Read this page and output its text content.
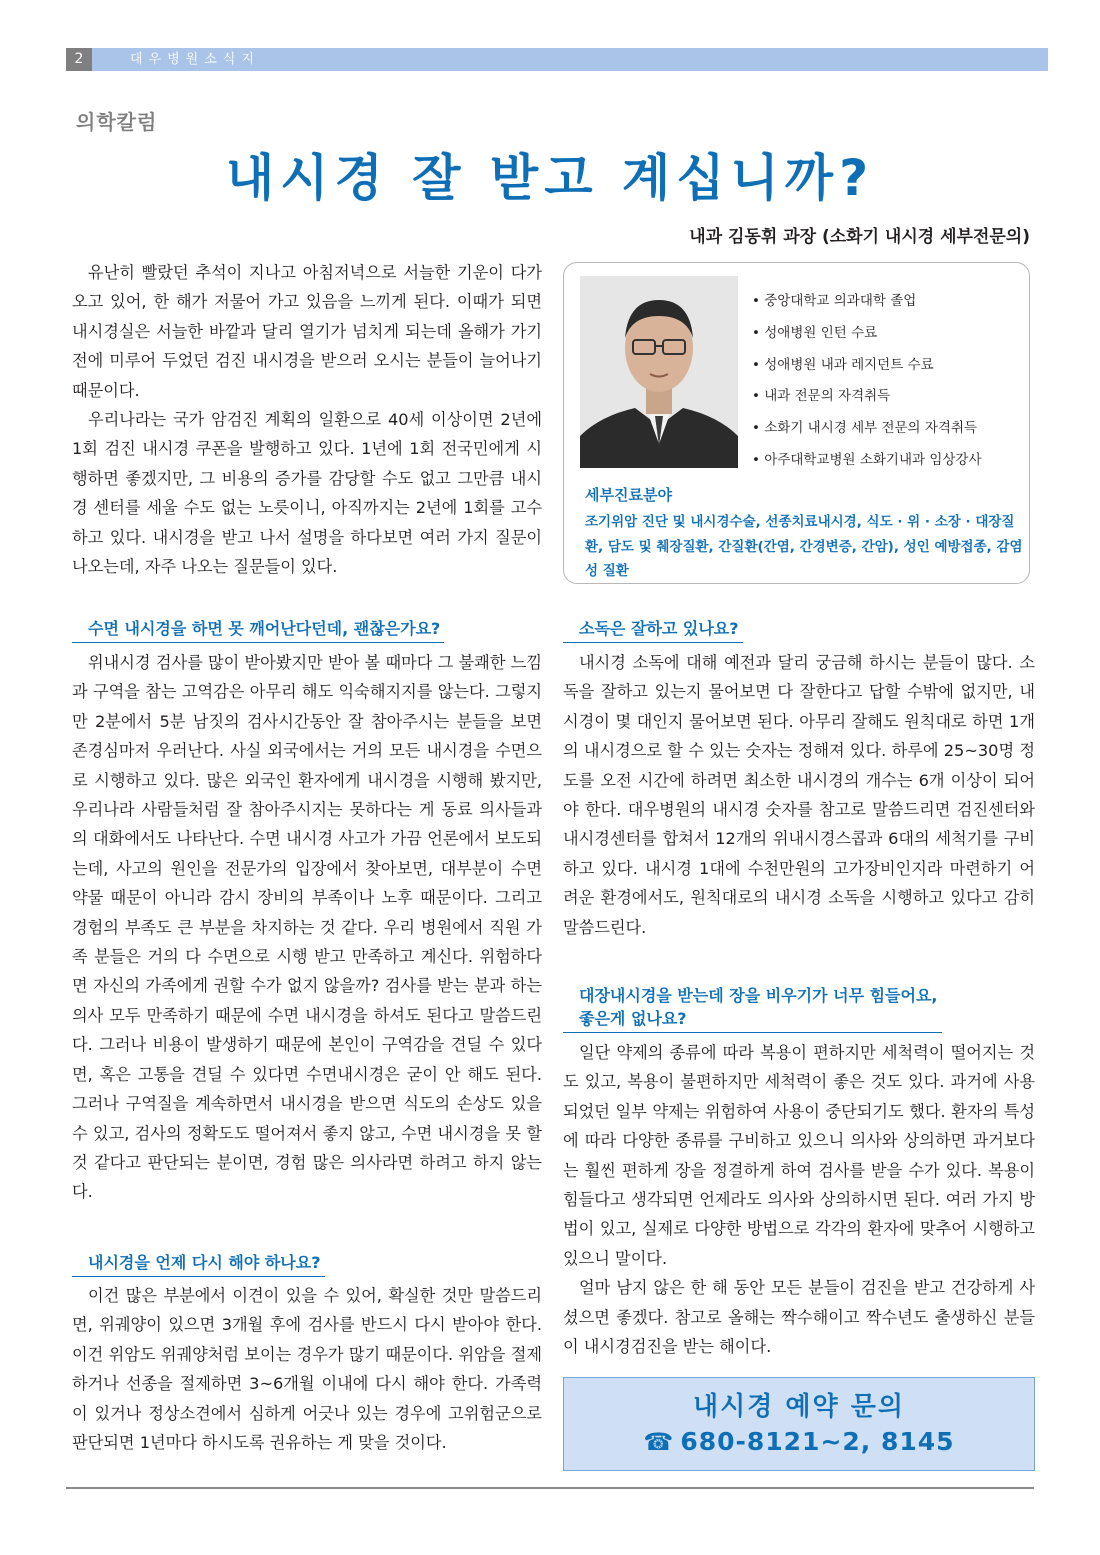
2	대우병원소식지
의학칼럼
내시경 잘 받고 계십니까?
내과 김동휘 과장 (소화기 내시경 세부전문의)

유난히 빨랐던 추석이 지나고 아침저녁으로 서늘한 기운이 다가오고 있어, 한 해가 저물어 가고 있음을 느끼게 된다. 이때가 되면 내시경실은 서늘한 바깥과 달리 열기가 넘치게 되는데 올해가 가기 전에 미루어 두었던 검진 내시경을 받으러 오시는 분들이 늘어나기 때문이다.

우리나라는 국가 암검진 계획의 일환으로 40세 이상이면 2년에 1회 검진 내시경 쿠폰을 발행하고 있다. 1년에 1회 전국민에게 시행하면 좋겠지만, 그 비용의 증가를 감당할 수도 없고 그만큼 내시경 센터를 세울 수도 없는 노릇이니, 아직까지는 2년에 1회를 고수하고 있다. 내시경을 받고 나서 설명을 하다보면 여러 가지 질문이 나오는데, 자주 나오는 질문들이 있다.

• 중앙대학교 의과대학 졸업
• 성애병원 인턴 수료
• 성애병원 내과 레지던트 수료
• 내과 전문의 자격취득
• 소화기 내시경 세부 전문의 자격취득
• 아주대학교병원 소화기내과 임상강사
세부진료분야
조기위암 진단 및 내시경수술, 선종치료내시경, 식도 · 위 · 소장 · 대장질환, 담도 및 췌장질환, 간질환(간염, 간경변증, 간암), 성인 예방접종, 감염성 질환
수면 내시경을 하면 못 깨어난다던데, 괜찮은가요?

위내시경 검사를 많이 받아봤지만 받아 볼 때마다 그 불쾌한 느낌과 구역을 참는 고역감은 아무리 해도 익숙해지지를 않는다. 그렇지만 2분에서 5분 남짓의 검사시간동안 잘 참아주시는 분들을 보면 존경심마저 우러난다. 사실 외국에서는 거의 모든 내시경을 수면으로 시행하고 있다. 많은 외국인 환자에게 내시경을 시행해 봤지만, 우리나라 사람들처럼 잘 참아주시지는 못하다는 게 동료 의사들과의 대화에서도 나타난다. 수면 내시경 사고가 가끔 언론에서 보도되는데, 사고의 원인을 전문가의 입장에서 찾아보면, 대부분이 수면 약물 때문이 아니라 감시 장비의 부족이나 노후 때문이다. 그리고 경험의 부족도 큰 부분을 차지하는 것 같다. 우리 병원에서 직원 가족 분들은 거의 다 수면으로 시행 받고 만족하고 계신다. 위험하다면 자신의 가족에게 권할 수가 없지 않을까? 검사를 받는 분과 하는 의사 모두 만족하기 때문에 수면 내시경을 하셔도 된다고 말씀드린다. 그러나 비용이 발생하기 때문에 본인이 구역감을 견딜 수 있다면, 혹은 고통을 견딜 수 있다면 수면내시경은 굳이 안 해도 된다. 그러나 구역질을 계속하면서 내시경을 받으면 식도의 손상도 있을 수 있고, 검사의 정확도도 떨어져서 좋지 않고, 수면 내시경을 못 할 것 같다고 판단되는 분이면, 경험 많은 의사라면 하려고 하지 않는다.

내시경을 언제 다시 해야 하나요?

이건 많은 부분에서 이견이 있을 수 있어, 확실한 것만 말씀드리면, 위궤양이 있으면 3개월 후에 검사를 반드시 다시 받아야 한다. 이건 위암도 위궤양처럼 보이는 경우가 많기 때문이다. 위암을 절제하거나 선종을 절제하면 3~6개월 이내에 다시 해야 한다. 가족력이 있거나 정상소견에서 심하게 어긋나 있는 경우에 고위험군으로 판단되면 1년마다 하시도록 권유하는 게 맞을 것이다.

소독은 잘하고 있나요?

내시경 소독에 대해 예전과 달리 궁금해 하시는 분들이 많다. 소독을 잘하고 있는지 물어보면 다 잘한다고 답할 수밖에 없지만, 내시경이 몇 대인지 물어보면 된다. 아무리 잘해도 원칙대로 하면 1개의 내시경으로 할 수 있는 숫자는 정해져 있다. 하루에 25~30명 정도를 오전 시간에 하려면 최소한 내시경의 개수는 6개 이상이 되어야 한다. 대우병원의 내시경 숫자를 참고로 말씀드리면 검진센터와 내시경센터를 합쳐서 12개의 위내시경스콥과 6대의 세척기를 구비하고 있다. 내시경 1대에 수천만원의 고가장비인지라 마련하기 어려운 환경에서도, 원칙대로의 내시경 소독을 시행하고 있다고 감히 말씀드린다.

대장내시경을 받는데 장을 비우기가 너무 힘들어요,
좋은게 없나요?

일단 약제의 종류에 따라 복용이 편하지만 세척력이 떨어지는 것도 있고, 복용이 불편하지만 세척력이 좋은 것도 있다. 과거에 사용되었던 일부 약제는 위험하여 사용이 중단되기도 했다. 환자의 특성에 따라 다양한 종류를 구비하고 있으니 의사와 상의하면 과거보다는 훨씬 편하게 장을 정결하게 하여 검사를 받을 수가 있다. 복용이 힘들다고 생각되면 언제라도 의사와 상의하시면 된다. 여러 가지 방법이 있고, 실제로 다양한 방법으로 각각의 환자에 맞추어 시행하고 있으니 말이다.

얼마 남지 않은 한 해 동안 모든 분들이 검진을 받고 건강하게 사셨으면 좋겠다. 참고로 올해는 짝수해이고 짝수년도 출생하신 분들이 내시경검진을 받는 해이다.

내시경 예약 문의
☎ 680-8121~2, 8145
